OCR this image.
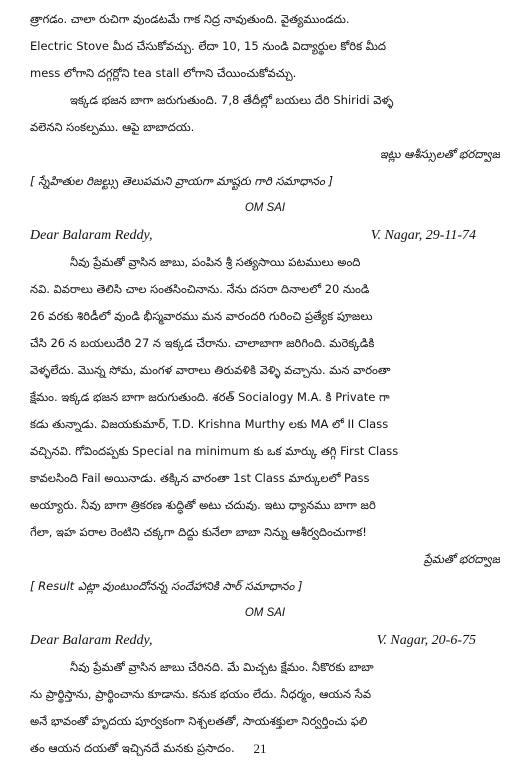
త్రాగడం. చాలా రుచిగా వుండటమే గాక నిద్ర నావుతుంది. వైత్యముండదు.
Electric Stove మీద చేసుకోవచ్చు. లేదా 10, 15 నుండి విద్యార్థుల కోరిక మీద
mess లోగాని దగ్గర్లోని tea stall లోగాని చేయించుకోవచ్చు.
ఇక్కడ భజన బాగా జరుగుతుంది. 7,8 తేదీల్లో బయలు దేరి Shiridi వెళ్ళ
వలెనని సంకల్పము. ఆపై బాబాదయ.
ఇట్లు ఆశీస్సులతో భరద్వాజ
[ స్నేహితుల రిజల్ట్సు తెలుపమని వ్రాయగా మాష్టరు గారి సమాధానం ]
OM SAI
Dear Balaram Reddy,	V. Nagar, 29-11-74
నీవు ప్రేమతో వ్రాసిన జాబు, పంపిన శ్రీ సత్యసాయి పటములు అంది
నవి. వివరాలు తెలిసి చాల సంతసించినాను. నేను దసరా దినాలలో 20 నుండి
26 వరకు శిరిడీలో వుండి భీస్మవారము మన వారందరి గురించి ప్రత్యేక పూజలు
చేసి 26 న బయలుదేరి 27 న ఇక్కడ చేరాను. చాలాబాగా జరిగింది. మరెక్కడికి
వెళ్ళలేదు. మొన్న సోమ, మంగళ వారాలు తిరువళికి వెళ్ళి వచ్చాను. మన వారంతా
క్షేమం. ఇక్కడ భజన బాగా జరుగుతుంది. శరత్ Socialogy M.A. కి Private గా
కడు తున్నాడు. విజయకుమార్, T.D. Krishna Murthy లకు MA లో II Class
వచ్చినవి. గోవిందప్పకు Special na minimum కు ఒక మార్కు తగ్గి First Class
కావలసింది Fail అయినాడు. తక్కిన వారంతా 1st Class మార్కులలో Pass
అయ్యారు. నీవు బాగా త్రికరణ శుద్ధితో అటు చదువు. ఇటు ధ్యానము బాగా జరి
గేలా, ఇహ పరాల రెంటిని చక్కగా దిద్దు కునేలా బాబా నిన్ను ఆశీర్వదించుగాక!
ప్రేమతో భరద్వాజ
[ Result ఎట్లా వుంటుందోనన్న సందేహానికి సార్ సమాధానం ]
OM SAI
Dear Balaram Reddy,	V. Nagar, 20-6-75
నీవు ప్రేమతో వ్రాసిన జాబు చేరినది. మే మిచ్చట క్షేమం. నీకొరకు బాబా
ను ప్రార్థిస్తాను, ప్రార్థించాను కూడాను. కనుక భయం లేదు. నీధర్మం, ఆయన సేవ
అనే భావంతో హృదయ పూర్వకంగా నిశ్చలతతో, సాయశక్తులా నిర్వర్తించు ఫలి
తం ఆయన దయతో ఇచ్చినదే మనకు ప్రసాదం.	21
